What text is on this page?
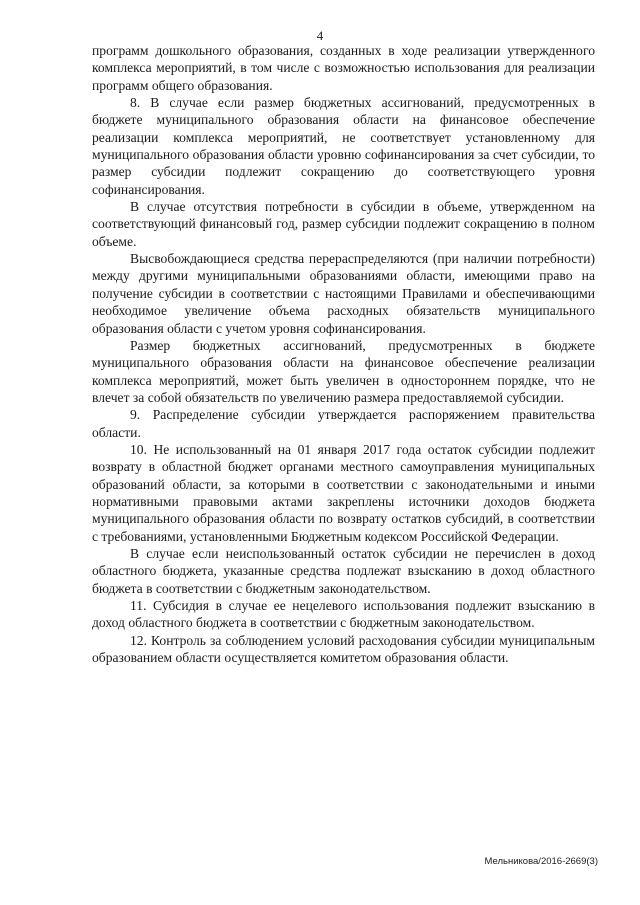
4

программ дошкольного образования, созданных в ходе реализации утвержденного комплекса мероприятий, в том числе с возможностью использования для реализации программ общего образования.

8. В случае если размер бюджетных ассигнований, предусмотренных в бюджете муниципального образования области на финансовое обеспечение реализации комплекса мероприятий, не соответствует установленному для муниципального образования области уровню софинансирования за счет субсидии, то размер субсидии подлежит сокращению до соответствующего уровня софинансирования.

В случае отсутствия потребности в субсидии в объеме, утвержденном на соответствующий финансовый год, размер субсидии подлежит сокращению в полном объеме.

Высвобождающиеся средства перераспределяются (при наличии потребности) между другими муниципальными образованиями области, имеющими право на получение субсидии в соответствии с настоящими Правилами и обеспечивающими необходимое увеличение объема расходных обязательств муниципального образования области с учетом уровня софинансирования.

Размер бюджетных ассигнований, предусмотренных в бюджете муниципального образования области на финансовое обеспечение реализации комплекса мероприятий, может быть увеличен в одностороннем порядке, что не влечет за собой обязательств по увеличению размера предоставляемой субсидии.

9. Распределение субсидии утверждается распоряжением правительства области.

10. Не использованный на 01 января 2017 года остаток субсидии подлежит возврату в областной бюджет органами местного самоуправления муниципальных образований области, за которыми в соответствии с законодательными и иными нормативными правовыми актами закреплены источники доходов бюджета муниципального образования области по возврату остатков субсидий, в соответствии с требованиями, установленными Бюджетным кодексом Российской Федерации.

В случае если неиспользованный остаток субсидии не перечислен в доход областного бюджета, указанные средства подлежат взысканию в доход областного бюджета в соответствии с бюджетным законодательством.

11. Субсидия в случае ее нецелевого использования подлежит взысканию в доход областного бюджета в соответствии с бюджетным законодательством.

12. Контроль за соблюдением условий расходования субсидии муниципальным образованием области осуществляется комитетом образования области.

Мельникова/2016-2669(3)
